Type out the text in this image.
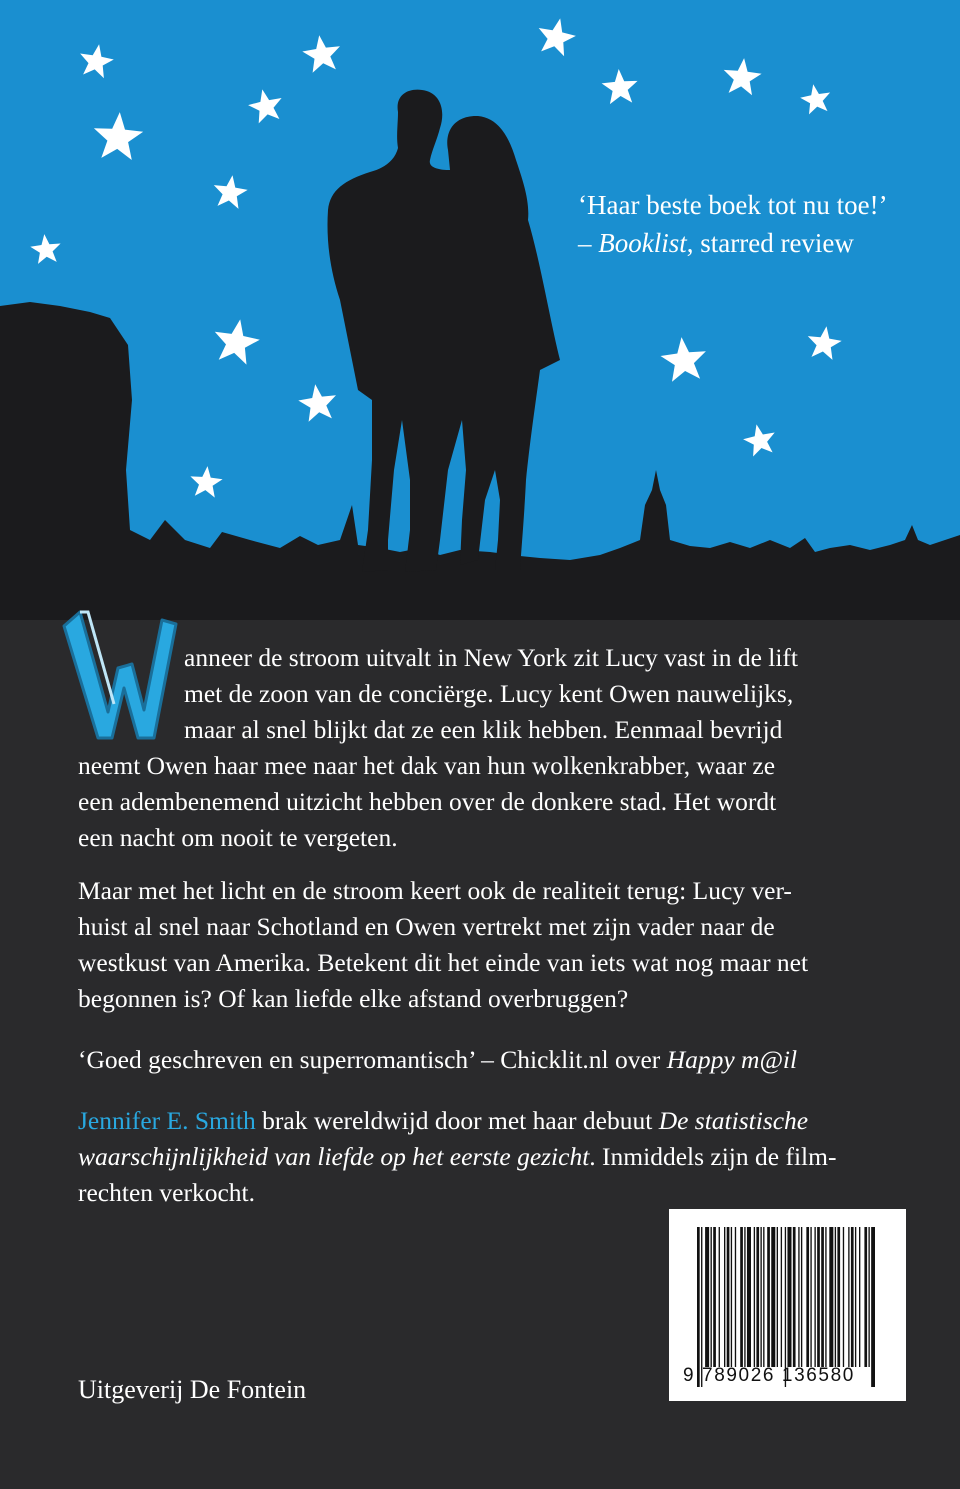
‘Haar beste boek tot nu toe!’
– Booklist, starred review

anneer de stroom uitvalt in New York zit Lucy vast in de lift
met de zoon van de conciërge. Lucy kent Owen nauwelijks,
maar al snel blijkt dat ze een klik hebben. Eenmaal bevrijd
neemt Owen haar mee naar het dak van hun wolkenkrabber, waar ze
een adembenemend uitzicht hebben over de donkere stad. Het wordt
een nacht om nooit te vergeten.

Maar met het licht en de stroom keert ook de realiteit terug: Lucy ver-
huist al snel naar Schotland en Owen vertrekt met zijn vader naar de
westkust van Amerika. Betekent dit het einde van iets wat nog maar net
begonnen is? Of kan liefde elke afstand overbruggen?

‘Goed geschreven en superromantisch’ – Chicklit.nl over Happy m@il

Jennifer E. Smith brak wereldwijd door met haar debuut De statistische
waarschijnlijkheid van liefde op het eerste gezicht. Inmiddels zijn de film-
rechten verkocht.

9 789026 136580
Uitgeverij De Fontein
